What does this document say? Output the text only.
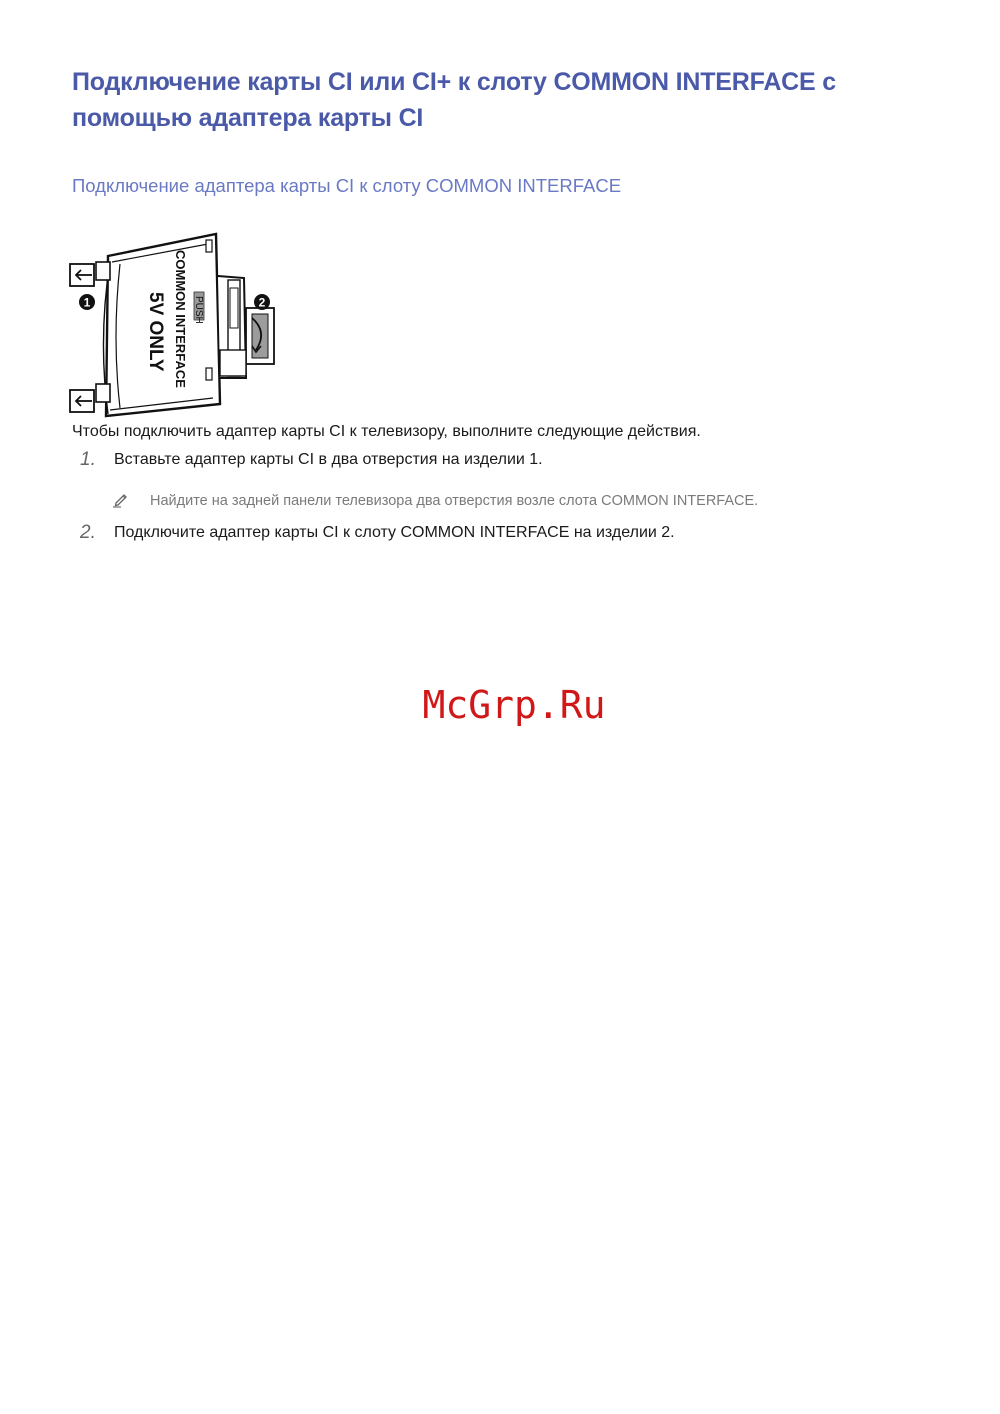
Подключение карты CI или CI+ к слоту COMMON INTERFACE с помощью адаптера карты CI
Подключение адаптера карты CI к слоту COMMON INTERFACE
PUSH
COMMON INTERFACE
5V ONLY
1	2

Чтобы подключить адаптер карты CI к телевизору, выполните следующие действия.

1. Вставьте адаптер карты CI в два отверстия на изделии 1.
Найдите на задней панели телевизора два отверстия возле слота COMMON INTERFACE.
2. Подключите адаптер карты CI к слоту COMMON INTERFACE на изделии 2.
McGrp.Ru
